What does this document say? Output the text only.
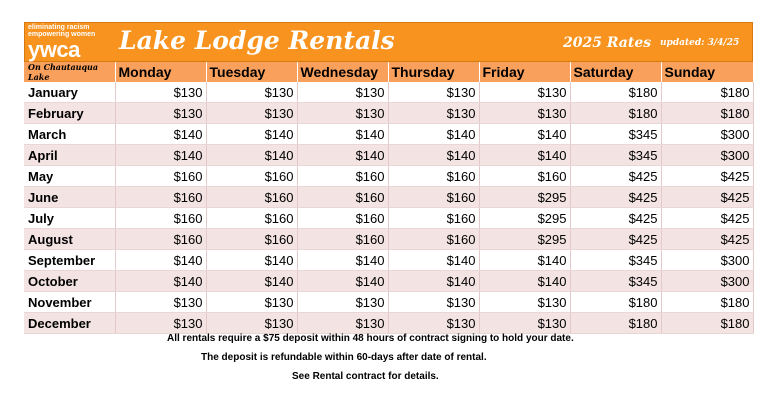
eliminating racism
empowering women
ywca	Lake Lodge Rentals	2025 Rates updated: 3/4/25
On Chautauqua Lake	Monday	Tuesday	Wednesday	Thursday	Friday	Saturday	Sunday
January	$130	$130	$130	$130	$130	$180	$180
February	$130	$130	$130	$130	$130	$180	$180
March	$140	$140	$140	$140	$140	$345	$300
April	$140	$140	$140	$140	$140	$345	$300
May	$160	$160	$160	$160	$160	$425	$425
June	$160	$160	$160	$160	$295	$425	$425
July	$160	$160	$160	$160	$295	$425	$425
August	$160	$160	$160	$160	$295	$425	$425
September	$140	$140	$140	$140	$140	$345	$300
October	$140	$140	$140	$140	$140	$345	$300
November	$130	$130	$130	$130	$130	$180	$180
December	$130	$130	$130	$130	$130	$180	$180
All rentals require a $75 deposit within 48 hours of contract signing to hold your date.
The deposit is refundable within 60-days after date of rental.
See Rental contract for details.
